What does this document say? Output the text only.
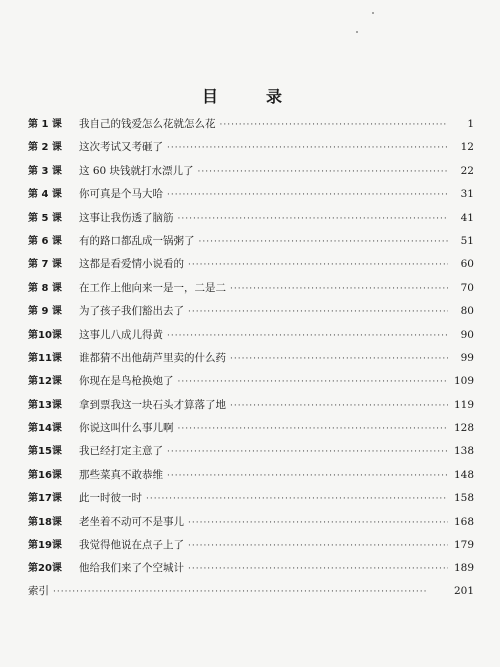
目　录
第 1 课	我自己的钱爱怎么花就怎么花 ·····	1
第 2 课	这次考试又考砸了 ·····	12
第 3 课	这 60 块钱就打水漂儿了 ·····	22
第 4 课	你可真是个马大哈 ·····	31
第 5 课	这事让我伤透了脑筋 ·····	41
第 6 课	有的路口都乱成一锅粥了 ·····	51
第 7 课	这都是看爱情小说看的 ·····	60
第 8 课	在工作上他向来一是一，二是二 ·····	70
第 9 课	为了孩子我们豁出去了 ·····	80
第10课	这事儿八成儿得黄 ·····	90
第11课	谁都猜不出他葫芦里卖的什么药 ·····	99
第12课	你现在是鸟枪换炮了 ·····	109
第13课	拿到票我这一块石头才算落了地 ·····	119
第14课	你说这叫什么事儿啊 ·····	128
第15课	我已经打定主意了 ·····	138
第16课	那些菜真不敢恭维 ·····	148
第17课	此一时彼一时 ·····	158
第18课	老坐着不动可不是事儿 ·····	168
第19课	我觉得他说在点子上了 ·····	179
第20课	他给我们来了个空城计 ·····	189
索引 ·····	201
